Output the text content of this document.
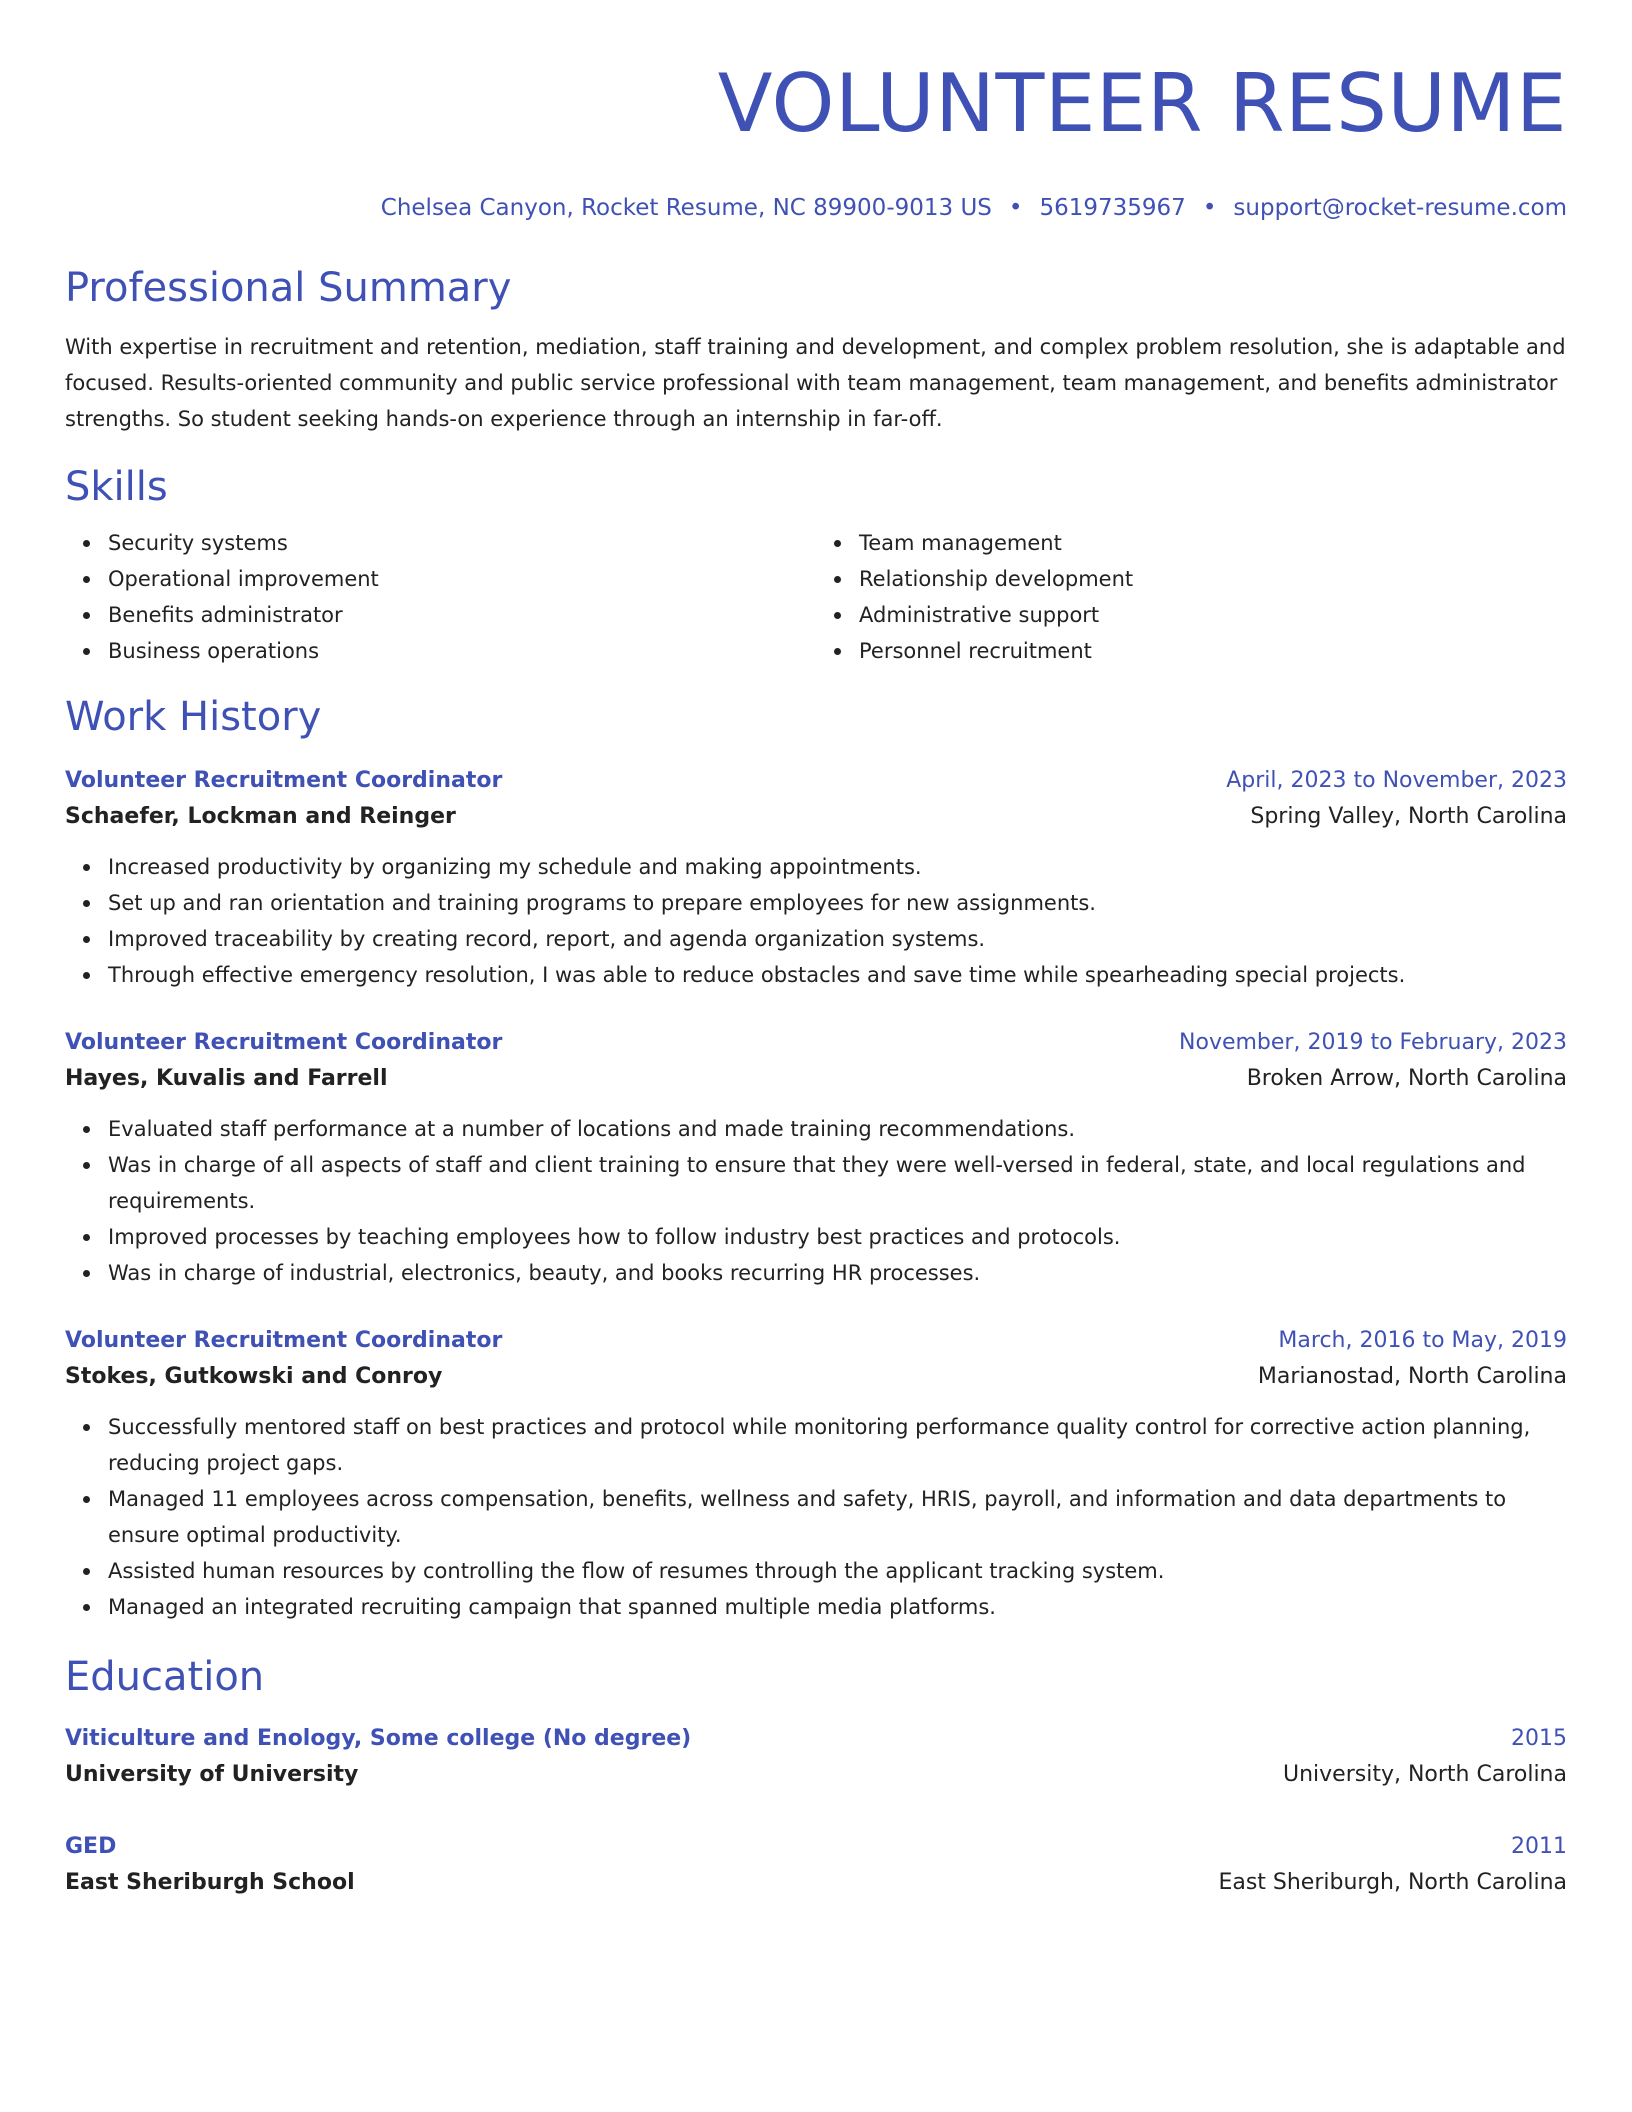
VOLUNTEER RESUME
Chelsea Canyon, Rocket Resume, NC 89900-9013 US • 5619735967 • support@rocket-resume.com
Professional Summary

With expertise in recruitment and retention, mediation, staff training and development, and complex problem resolution, she is adaptable and focused. Results-oriented community and public service professional with team management, team management, and benefits administrator strengths. So student seeking hands-on experience through an internship in far-off.

Skills
Security systems
Operational improvement
Benefits administrator
Business operations
Team management
Relationship development
Administrative support
Personnel recruitment
Work History
Volunteer Recruitment Coordinator	April, 2023 to November, 2023
Schaefer, Lockman and Reinger	Spring Valley, North Carolina
Increased productivity by organizing my schedule and making appointments.
Set up and ran orientation and training programs to prepare employees for new assignments.
Improved traceability by creating record, report, and agenda organization systems.
Through effective emergency resolution, I was able to reduce obstacles and save time while spearheading special projects.
Volunteer Recruitment Coordinator	November, 2019 to February, 2023
Hayes, Kuvalis and Farrell	Broken Arrow, North Carolina
Evaluated staff performance at a number of locations and made training recommendations.
Was in charge of all aspects of staff and client training to ensure that they were well-versed in federal, state, and local regulations and requirements.
Improved processes by teaching employees how to follow industry best practices and protocols.
Was in charge of industrial, electronics, beauty, and books recurring HR processes.
Volunteer Recruitment Coordinator	March, 2016 to May, 2019
Stokes, Gutkowski and Conroy	Marianostad, North Carolina
Successfully mentored staff on best practices and protocol while monitoring performance quality control for corrective action planning, reducing project gaps.
Managed 11 employees across compensation, benefits, wellness and safety, HRIS, payroll, and information and data departments to ensure optimal productivity.
Assisted human resources by controlling the flow of resumes through the applicant tracking system.
Managed an integrated recruiting campaign that spanned multiple media platforms.
Education
Viticulture and Enology, Some college (No degree)	2015
University of University	University, North Carolina
GED	2011
East Sheriburgh School	East Sheriburgh, North Carolina
